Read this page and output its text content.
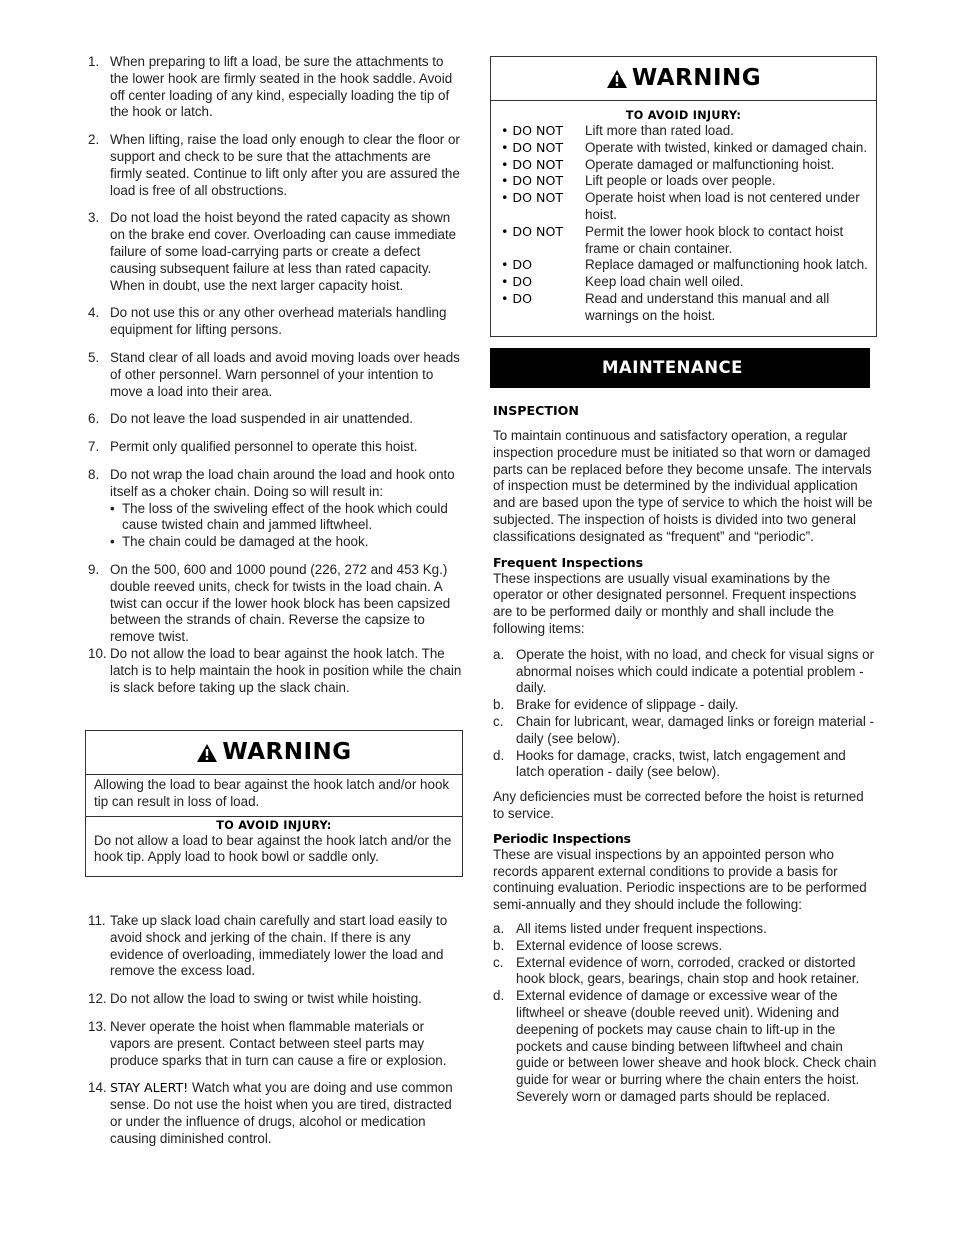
1. When preparing to lift a load, be sure the attachments to the lower hook are firmly seated in the hook saddle. Avoid off center loading of any kind, especially loading the tip of the hook or latch.
2. When lifting, raise the load only enough to clear the floor or support and check to be sure that the attachments are firmly seated. Continue to lift only after you are assured the load is free of all obstructions.
3. Do not load the hoist beyond the rated capacity as shown on the brake end cover. Overloading can cause immediate failure of some load-carrying parts or create a defect causing subsequent failure at less than rated capacity. When in doubt, use the next larger capacity hoist.
4. Do not use this or any other overhead materials handling equipment for lifting persons.
5. Stand clear of all loads and avoid moving loads over heads of other personnel. Warn personnel of your intention to move a load into their area.
6. Do not leave the load suspended in air unattended.
7. Permit only qualified personnel to operate this hoist.
8. Do not wrap the load chain around the load and hook onto itself as a choker chain. Doing so will result in:
• The loss of the swiveling effect of the hook which could cause twisted chain and jammed liftwheel.
• The chain could be damaged at the hook.
9. On the 500, 600 and 1000 pound (226, 272 and 453 Kg.) double reeved units, check for twists in the load chain. A twist can occur if the lower hook block has been capsized between the strands of chain. Reverse the capsize to remove twist.
10. Do not allow the load to bear against the hook latch. The latch is to help maintain the hook in position while the chain is slack before taking up the slack chain.
WARNING
Allowing the load to bear against the hook latch and/or hook tip can result in loss of load.
TO AVOID INJURY:
Do not allow a load to bear against the hook latch and/or the hook tip. Apply load to hook bowl or saddle only.
11. Take up slack load chain carefully and start load easily to avoid shock and jerking of the chain. If there is any evidence of overloading, immediately lower the load and remove the excess load.
12. Do not allow the load to swing or twist while hoisting.
13. Never operate the hoist when flammable materials or vapors are present. Contact between steel parts may produce sparks that in turn can cause a fire or explosion.
14. STAY ALERT! Watch what you are doing and use common sense. Do not use the hoist when you are tired, distracted or under the influence of drugs, alcohol or medication causing diminished control.
WARNING
TO AVOID INJURY:
• DO NOT	Lift more than rated load.
• DO NOT	Operate with twisted, kinked or damaged chain.
• DO NOT	Operate damaged or malfunctioning hoist.
• DO NOT	Lift people or loads over people.
• DO NOT	Operate hoist when load is not centered under hoist.
• DO NOT	Permit the lower hook block to contact hoist frame or chain container.
• DO	Replace damaged or malfunctioning hook latch.
• DO	Keep load chain well oiled.
• DO	Read and understand this manual and all warnings on the hoist.
MAINTENANCE
INSPECTION

To maintain continuous and satisfactory operation, a regular inspection procedure must be initiated so that worn or damaged parts can be replaced before they become unsafe. The intervals of inspection must be determined by the individual application and are based upon the type of service to which the hoist will be subjected. The inspection of hoists is divided into two general classifications designated as “frequent” and “periodic”.

Frequent Inspections

These inspections are usually visual examinations by the operator or other designated personnel. Frequent inspections are to be performed daily or monthly and shall include the following items:

a. Operate the hoist, with no load, and check for visual signs or abnormal noises which could indicate a potential problem - daily.
b. Brake for evidence of slippage - daily.
c. Chain for lubricant, wear, damaged links or foreign material - daily (see below).
d. Hooks for damage, cracks, twist, latch engagement and latch operation - daily (see below).

Any deficiencies must be corrected before the hoist is returned to service.

Periodic Inspections

These are visual inspections by an appointed person who records apparent external conditions to provide a basis for continuing evaluation. Periodic inspections are to be performed semi-annually and they should include the following:

a. All items listed under frequent inspections.
b. External evidence of loose screws.
c. External evidence of worn, corroded, cracked or distorted hook block, gears, bearings, chain stop and hook retainer.
d. External evidence of damage or excessive wear of the liftwheel or sheave (double reeved unit). Widening and deepening of pockets may cause chain to lift-up in the pockets and cause binding between liftwheel and chain guide or between lower sheave and hook block. Check chain guide for wear or burring where the chain enters the hoist. Severely worn or damaged parts should be replaced.
